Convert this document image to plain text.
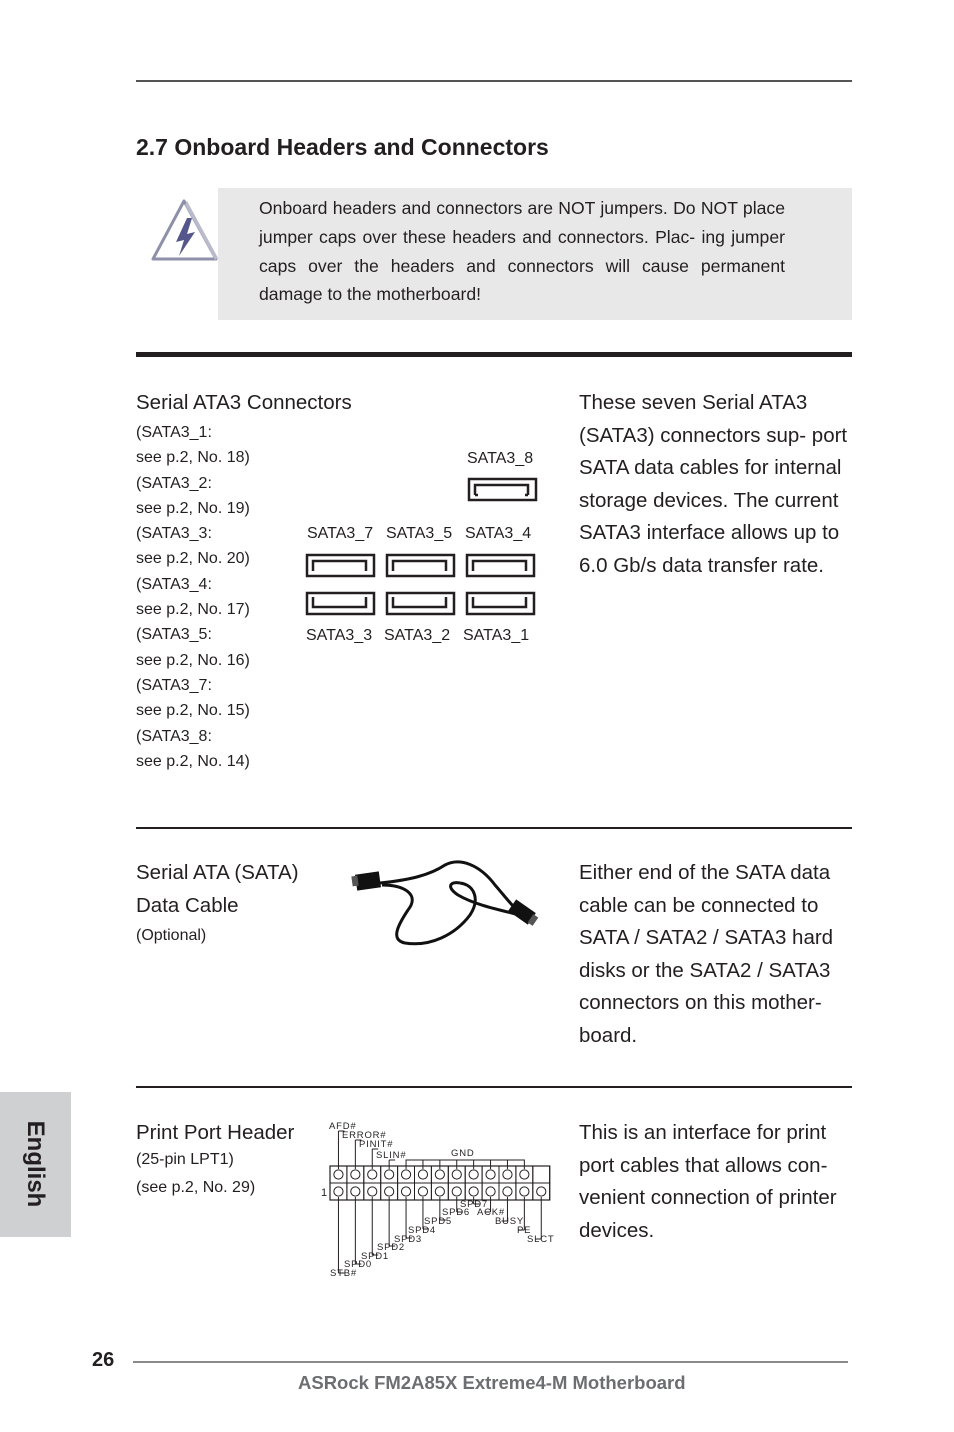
2.7 Onboard Headers and Connectors
Onboard headers and connectors are NOT jumpers. Do NOT place jumper caps over these headers and connectors. Plac- ing jumper caps over the headers and connectors will cause permanent damage to the motherboard!
Serial ATA3 Connectors
(SATA3_1:
see p.2, No. 18)
(SATA3_2:
see p.2, No. 19)
(SATA3_3:
see p.2, No. 20)
(SATA3_4:
see p.2, No. 17)
(SATA3_5:
see p.2, No. 16)
(SATA3_7:
see p.2, No. 15)
(SATA3_8:
see p.2, No. 14)
SATA3_8
SATA3_7 SATA3_5 SATA3_4
SATA3_3 SATA3_2 SATA3_1
These seven Serial ATA3 (SATA3) connectors sup- port SATA data cables for internal storage devices. The current SATA3 interface allows up to 6.0 Gb/s data transfer rate.
Serial ATA (SATA)
Data Cable
(Optional)
Either end of the SATA data cable can be connected to SATA / SATA2 / SATA3 hard disks or the SATA2 / SATA3 connectors on this mother- board.
Print Port Header
(25-pin LPT1)
(see p.2, No. 29)
AFD#
ERROR#
PINIT#
SLIN#	GND
1
SPD7
SPD6 ACK#
SPD5	BUSY
SPD4	PE
SPD3	SLCT
SPD2
SPD1
SPD0
STB#
This is an interface for print port cables that allows con- venient connection of printer devices.
English
26
ASRock FM2A85X Extreme4-M Motherboard
